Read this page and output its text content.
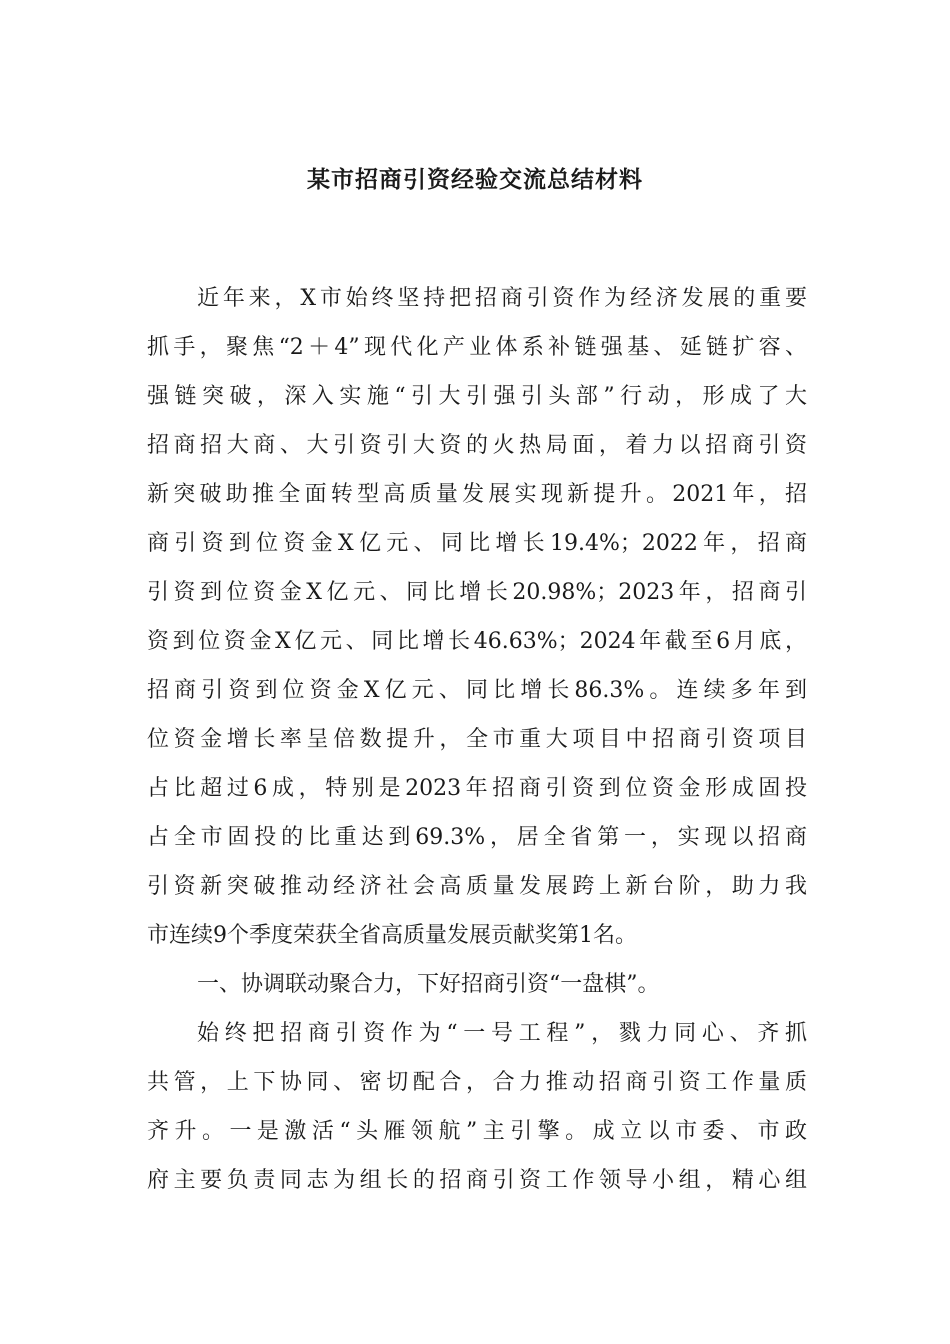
某市招商引资经验交流总结材料
近年来，X市始终坚持把招商引资作为经济发展的重要
抓手，聚焦“2＋4”现代化产业体系补链强基、延链扩容、
强链突破，深入实施“引大引强引头部”行动，形成了大
招商招大商、大引资引大资的火热局面，着力以招商引资
新突破助推全面转型高质量发展实现新提升。2021年，招
商引资到位资金X亿元、同比增长19.4%；2022年，招商
引资到位资金X亿元、同比增长20.98%；2023年，招商引
资到位资金X亿元、同比增长46.63%；2024年截至6月底，
招商引资到位资金X亿元、同比增长86.3%。连续多年到
位资金增长率呈倍数提升，全市重大项目中招商引资项目
占比超过6成，特别是2023年招商引资到位资金形成固投
占全市固投的比重达到69.3%，居全省第一，实现以招商
引资新突破推动经济社会高质量发展跨上新台阶，助力我
市连续9个季度荣获全省高质量发展贡献奖第1名。
一、协调联动聚合力，下好招商引资“一盘棋”。
始终把招商引资作为“一号工程”，戮力同心、齐抓
共管，上下协同、密切配合，合力推动招商引资工作量质
齐升。一是激活“头雁领航”主引擎。成立以市委、市政
府主要负责同志为组长的招商引资工作领导小组，精心组
